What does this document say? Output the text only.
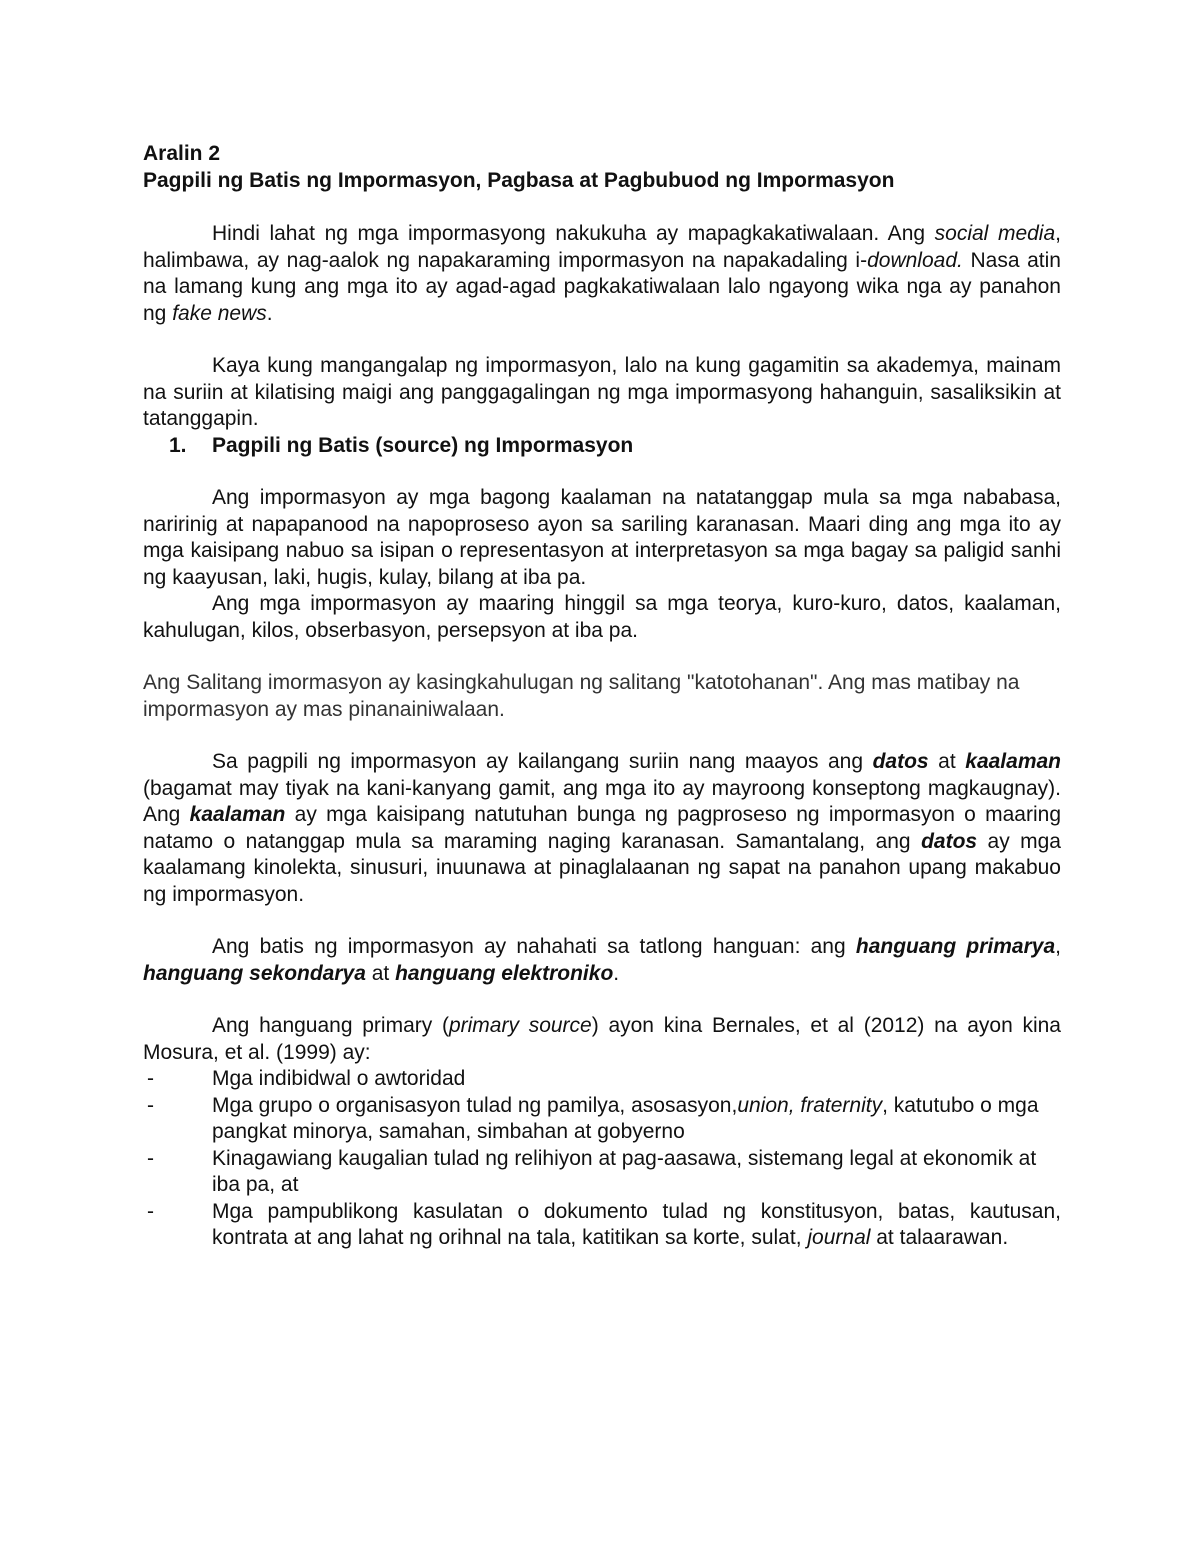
Aralin 2

Pagpili ng Batis ng Impormasyon, Pagbasa at Pagbubuod ng Impormasyon

Hindi lahat ng mga impormasyong nakukuha ay mapagkakatiwalaan. Ang social media, halimbawa, ay nag-aalok ng napakaraming impormasyon na napakadaling i-download. Nasa atin na lamang kung ang mga ito ay agad-agad pagkakatiwalaan lalo ngayong wika nga ay panahon ng fake news.

Kaya kung mangangalap ng impormasyon, lalo na kung gagamitin sa akademya, mainam na suriin at kilatising maigi ang panggagalingan ng mga impormasyong hahanguin, sasaliksikin at tatanggapin.

1.	Pagpili ng Batis (source) ng Impormasyon

Ang impormasyon ay mga bagong kaalaman na natatanggap mula sa mga nababasa, naririnig at napapanood na napoproseso ayon sa sariling karanasan. Maari ding ang mga ito ay mga kaisipang nabuo sa isipan o representasyon at interpretasyon sa mga bagay sa paligid sanhi ng kaayusan, laki, hugis, kulay, bilang at iba pa.

Ang mga impormasyon ay maaring hinggil sa mga teorya, kuro-kuro, datos, kaalaman, kahulugan, kilos, obserbasyon, persepsyon at iba pa.

Ang Salitang imormasyon ay kasingkahulugan ng salitang "katotohanan". Ang mas matibay na impormasyon ay mas pinanainiwalaan.

Sa pagpili ng impormasyon ay kailangang suriin nang maayos ang datos at kaalaman (bagamat may tiyak na kani-kanyang gamit, ang mga ito ay mayroong konseptong magkaugnay). Ang kaalaman ay mga kaisipang natutuhan bunga ng pagproseso ng impormasyon o maaring natamo o natanggap mula sa maraming naging karanasan. Samantalang, ang datos ay mga kaalamang kinolekta, sinusuri, inuunawa at pinaglalaanan ng sapat na panahon upang makabuo ng impormasyon.

Ang batis ng impormasyon ay nahahati sa tatlong hanguan: ang hanguang primarya, hanguang sekondarya at hanguang elektroniko.

Ang hanguang primary (primary source) ayon kina Bernales, et al (2012) na ayon kina Mosura, et al. (1999) ay:

-	Mga indibidwal o awtoridad
-	Mga grupo o organisasyon tulad ng pamilya, asosasyon,union, fraternity, katutubo o mga pangkat minorya, samahan, simbahan at gobyerno
-	Kinagawiang kaugalian tulad ng relihiyon at pag-aasawa, sistemang legal at ekonomik at iba pa, at
-	Mga pampublikong kasulatan o dokumento tulad ng konstitusyon, batas, kautusan, kontrata at ang lahat ng orihnal na tala, katitikan sa korte, sulat, journal at talaarawan.
